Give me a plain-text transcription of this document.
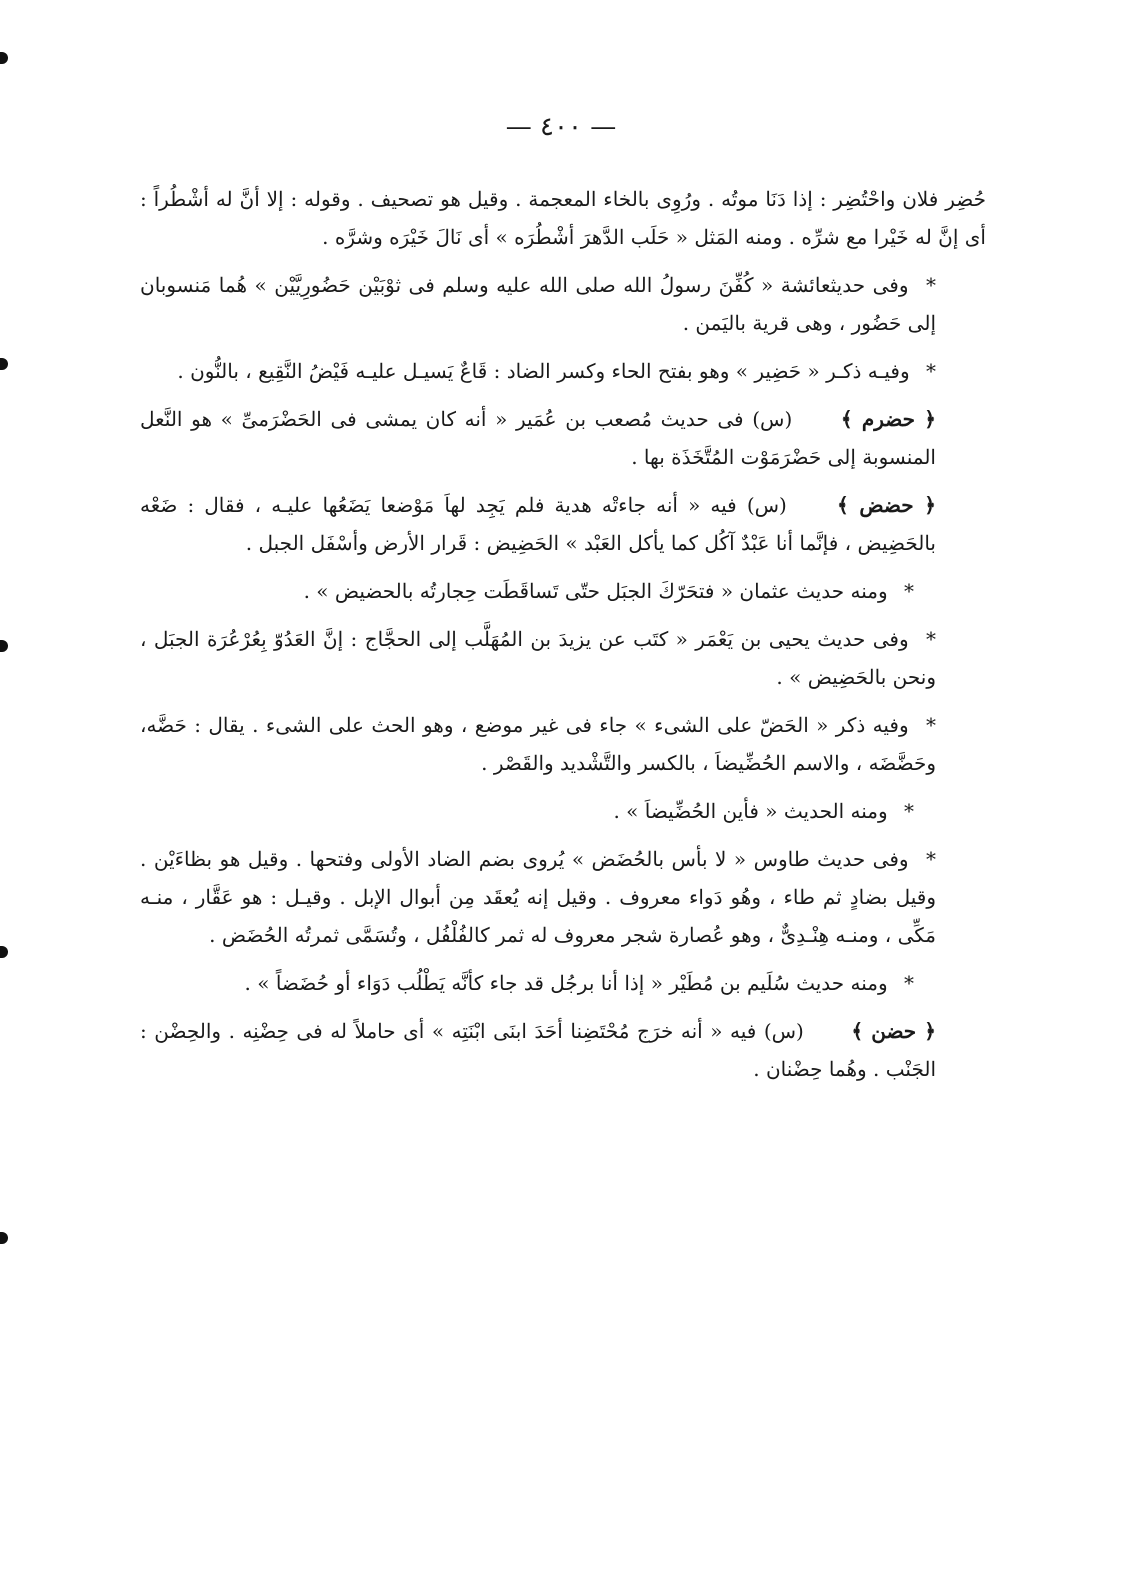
— ٤٠٠ —

حُضِر فلان واحْتُضِر : إذا دَنَا موتُه . ورُوِى بالخاء المعجمة . وقيل هو تصحيف . وقوله : إلا أنَّ له أشْطُراً : أى إنَّ له خَيْرا مع شرِّه . ومنه المَثل « حَلَب الدَّهرَ أشْطُرَه » أى نَالَ خَيْرَه وشرَّه .

* وفى حديثعائشة « كُفِّنَ رسولُ الله صلى الله عليه وسلم فى ثوْبَيْن حَضُورِيَّيْن » هُما مَنسوبان إلى حَضُور ، وهى قرية باليَمن .

* وفيـه ذكـر « حَضِير » وهو بفتح الحاء وكسر الضاد : قَاعٌ يَسيـل عليـه فَيْضُ النَّقِيع ، بالنُّون .

﴿ حضرم ﴾ (س) فى حديث مُصعب بن عُمَير « أنه كان يمشى فى الحَضْرَمىِّ » هو النَّعل المنسوبة إلى حَضْرَمَوْت المُتَّخَذَة بها .

﴿ حضض ﴾ (س) فيه « أنه جاءتْه هدية فلم يَجِد لهاَ مَوْضعا يَضَعُها عليـه ، فقال : ضَعْه بالحَضِيض ، فإنَّما أنا عَبْدٌ آكُل كما يأكل العَبْد » الحَضِيض : قَرار الأرض وأسْفَل الجبل .

* ومنه حديث عثمان « فتحَرّكَ الجبَل حتّى تَساقَطَت حِجارتُه بالحضيض » .

* وفى حديث يحيى بن يَعْمَر « كتَب عن يزيدَ بن المُهَلَّب إلى الحجَّاج : إنَّ العَدُوّ بِعُرْعُرَة الجبَل ، ونحن بالحَضِيض » .

* وفيه ذكر « الحَضّ على الشىء » جاء فى غير موضع ، وهو الحث على الشىء . يقال : حَضَّه، وحَضَّضَه ، والاسم الحُضِّيضاَ ، بالكسر والتَّشْديد والقَصْر .

* ومنه الحديث « فأين الحُضِّيضاَ » .

* وفى حديث طاوس « لا بأس بالحُضَض » يُروى بضم الضاد الأولى وفتحها . وقيل هو بظاءَيْن . وقيل بضادٍ ثم طاء ، وهُو دَواء معروف . وقيل إنه يُعقَد مِن أبوال الإبل . وقيـل : هو عَقَّار ، منـه مَكِّى ، ومنـه هِنْـدِىٌّ ، وهو عُصارة شجر معروف له ثمر كالفُلْفُل ، وتُسَمَّى ثمرتُه الحُضَض .

* ومنه حديث سُلَيم بن مُطَيْر « إذا أنا برجُل قد جاء كأنَّه يَطْلُب دَوَاء أو حُضَضاً » .

﴿ حضن ﴾ (س) فيه « أنه خرَج مُحْتَضِنا أحَدَ ابنَى ابْنَتِه » أى حاملاً له فى حِضْنِه . والحِضْن : الجَنْب . وهُما حِضْنان .
